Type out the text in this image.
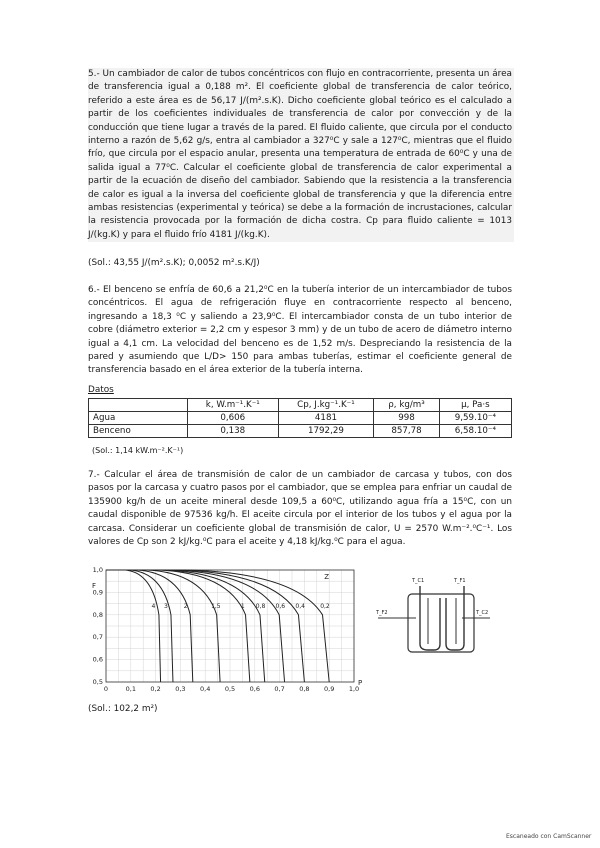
5.- Un cambiador de calor de tubos concéntricos con flujo en contracorriente, presenta un área de transferencia igual a 0,188 m². El coeficiente global de transferencia de calor teórico, referido a este área es de 56,17 J/(m².s.K). Dicho coeficiente global teórico es el calculado a partir de los coeficientes individuales de transferencia de calor por convección y de la conducción que tiene lugar a través de la pared. El fluido caliente, que circula por el conducto interno a razón de 5,62 g/s, entra al cambiador a 327⁰C y sale a 127⁰C, mientras que el fluido frío, que circula por el espacio anular, presenta una temperatura de entrada de 60⁰C y una de salida igual a 77⁰C. Calcular el coeficiente global de transferencia de calor experimental a partir de la ecuación de diseño del cambiador. Sabiendo que la resistencia a la transferencia de calor es igual a la inversa del coeficiente global de transferencia y que la diferencia entre ambas resistencias (experimental y teórica) se debe a la formación de incrustaciones, calcular la resistencia provocada por la formación de dicha costra. Cp para fluido caliente = 1013 J/(kg.K) y para el fluido frío 4181 J/(kg.K).

(Sol.: 43,55 J/(m².s.K); 0,0052 m².s.K/J)

6.- El benceno se enfría de 60,6 a 21,2⁰C en la tubería interior de un intercambiador de tubos concéntricos. El agua de refrigeración fluye en contracorriente respecto al benceno, ingresando a 18,3 ⁰C y saliendo a 23,9⁰C. El intercambiador consta de un tubo interior de cobre (diámetro exterior = 2,2 cm y espesor 3 mm) y de un tubo de acero de diámetro interno igual a 4,1 cm. La velocidad del benceno es de 1,52 m/s. Despreciando la resistencia de la pared y asumiendo que L/D> 150 para ambas tuberías, estimar el coeficiente general de transferencia basado en el área exterior de la tubería interna.

Datos
	k, W.m⁻¹.K⁻¹	Cp, J.kg⁻¹.K⁻¹	ρ, kg/m³	μ, Pa·s
Agua	0,606	4181	998	9,59.10⁻⁴
Benceno	0,138	1792,29	857,78	6,58.10⁻⁴
(Sol.: 1,14 kW.m⁻².K⁻¹)

7.- Calcular el área de transmisión de calor de un cambiador de carcasa y tubos, con dos pasos por la carcasa y cuatro pasos por el cambiador, que se emplea para enfriar un caudal de 135900 kg/h de un aceite mineral desde 109,5 a 60⁰C, utilizando agua fría a 15⁰C, con un caudal disponible de 97536 kg/h. El aceite circula por el interior de los tubos y el agua por la carcasa. Considerar un coeficiente global de transmisión de calor, U = 2570 W.m⁻².⁰C⁻¹. Los valores de Cp son 2 kJ/kg.⁰C para el aceite y 4,18 kJ/kg.⁰C para el agua.

0	0,1 0,2 0,3 0,4 0,5 0,6 0,7 0,8 0,9 1,0
0,5
0,6
0,7
0,8
0,9
1,0
F
P
Z
4 3	2	1,5	1 0,8 0,6 0,4	0,2
T_C1	T_F1
T_F2	T_C2
(Sol.: 102,2 m²)
Escaneado con CamScanner
